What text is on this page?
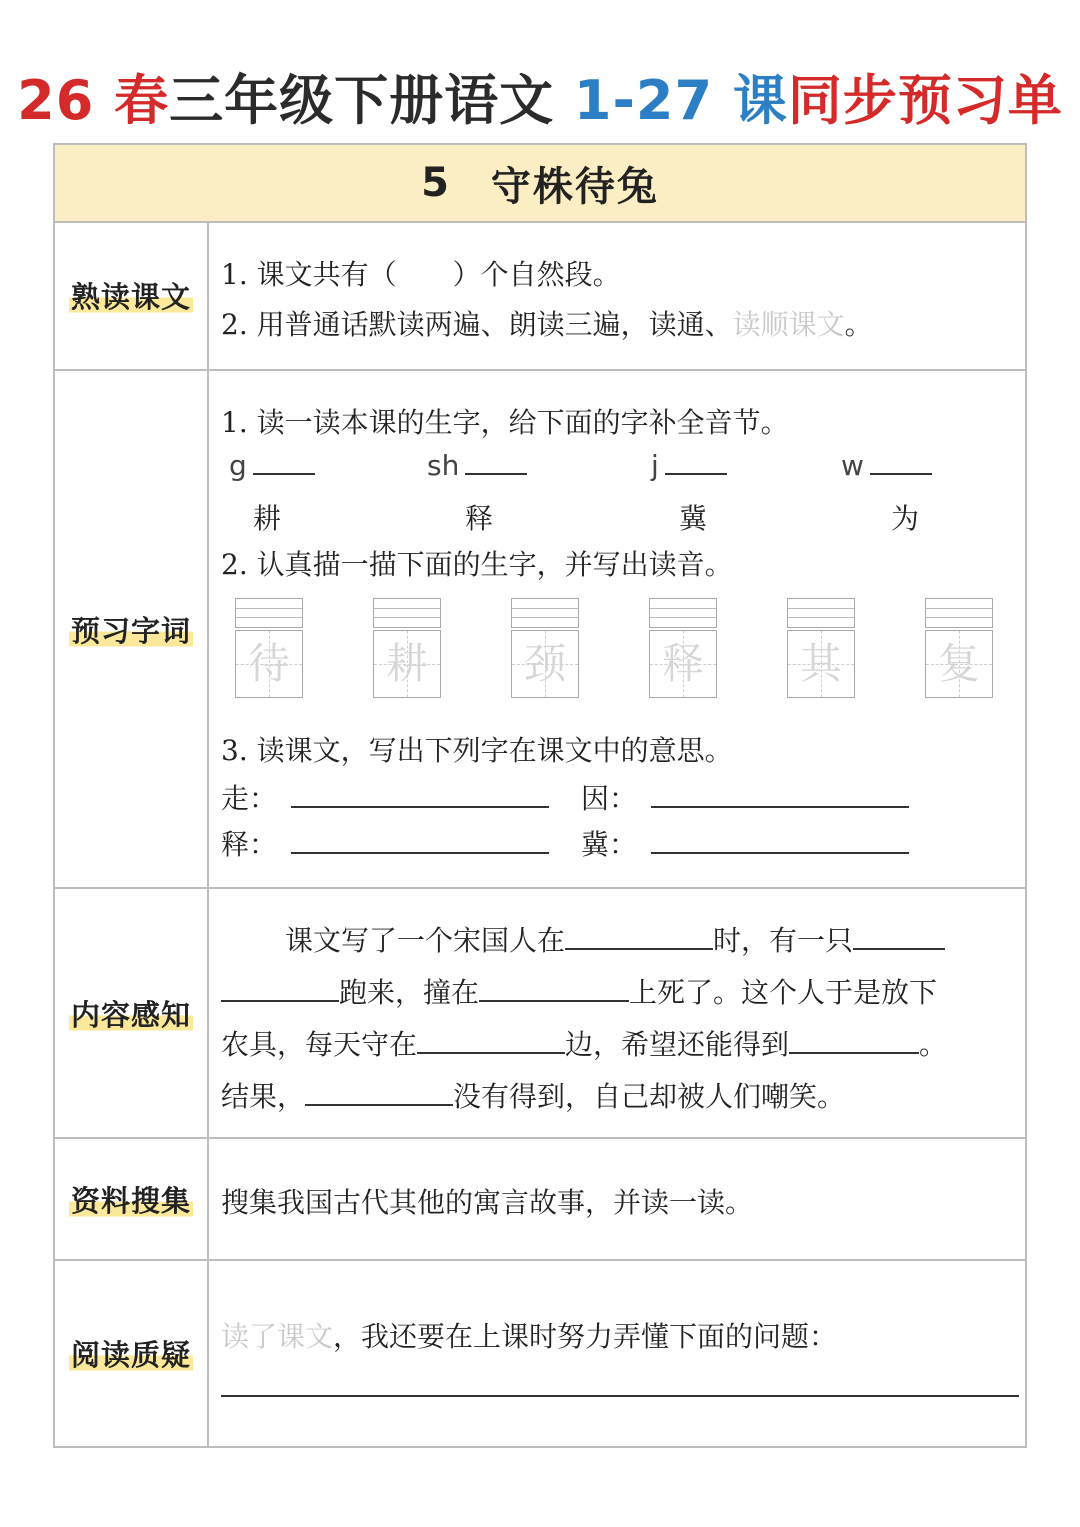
26 春三年级下册语文 1-27 课同步预习单
5 守株待兔
熟读课文
1. 课文共有（　　）个自然段。
2. 用普通话默读两遍、朗读三遍，读通、读顺课文。
预习字词
1. 读一读本课的生字，给下面的字补全音节。
g	sh	j	w
耕	释	冀	为
2. 认真描一描下面的生字，并写出读音。
待	耕	颈	释	其	复
3. 读课文，写出下列字在课文中的意思。
走：	因：
释：	冀：
内容感知
课文写了一个宋国人在	时，有一只
跑来，撞在	上死了。这个人于是放下
农具，每天守在	边，希望还能得到	。
结果，	没有得到，自己却被人们嘲笑。
资料搜集 搜集我国古代其他的寓言故事，并读一读。
阅读质疑
读了课文，我还要在上课时努力弄懂下面的问题：
